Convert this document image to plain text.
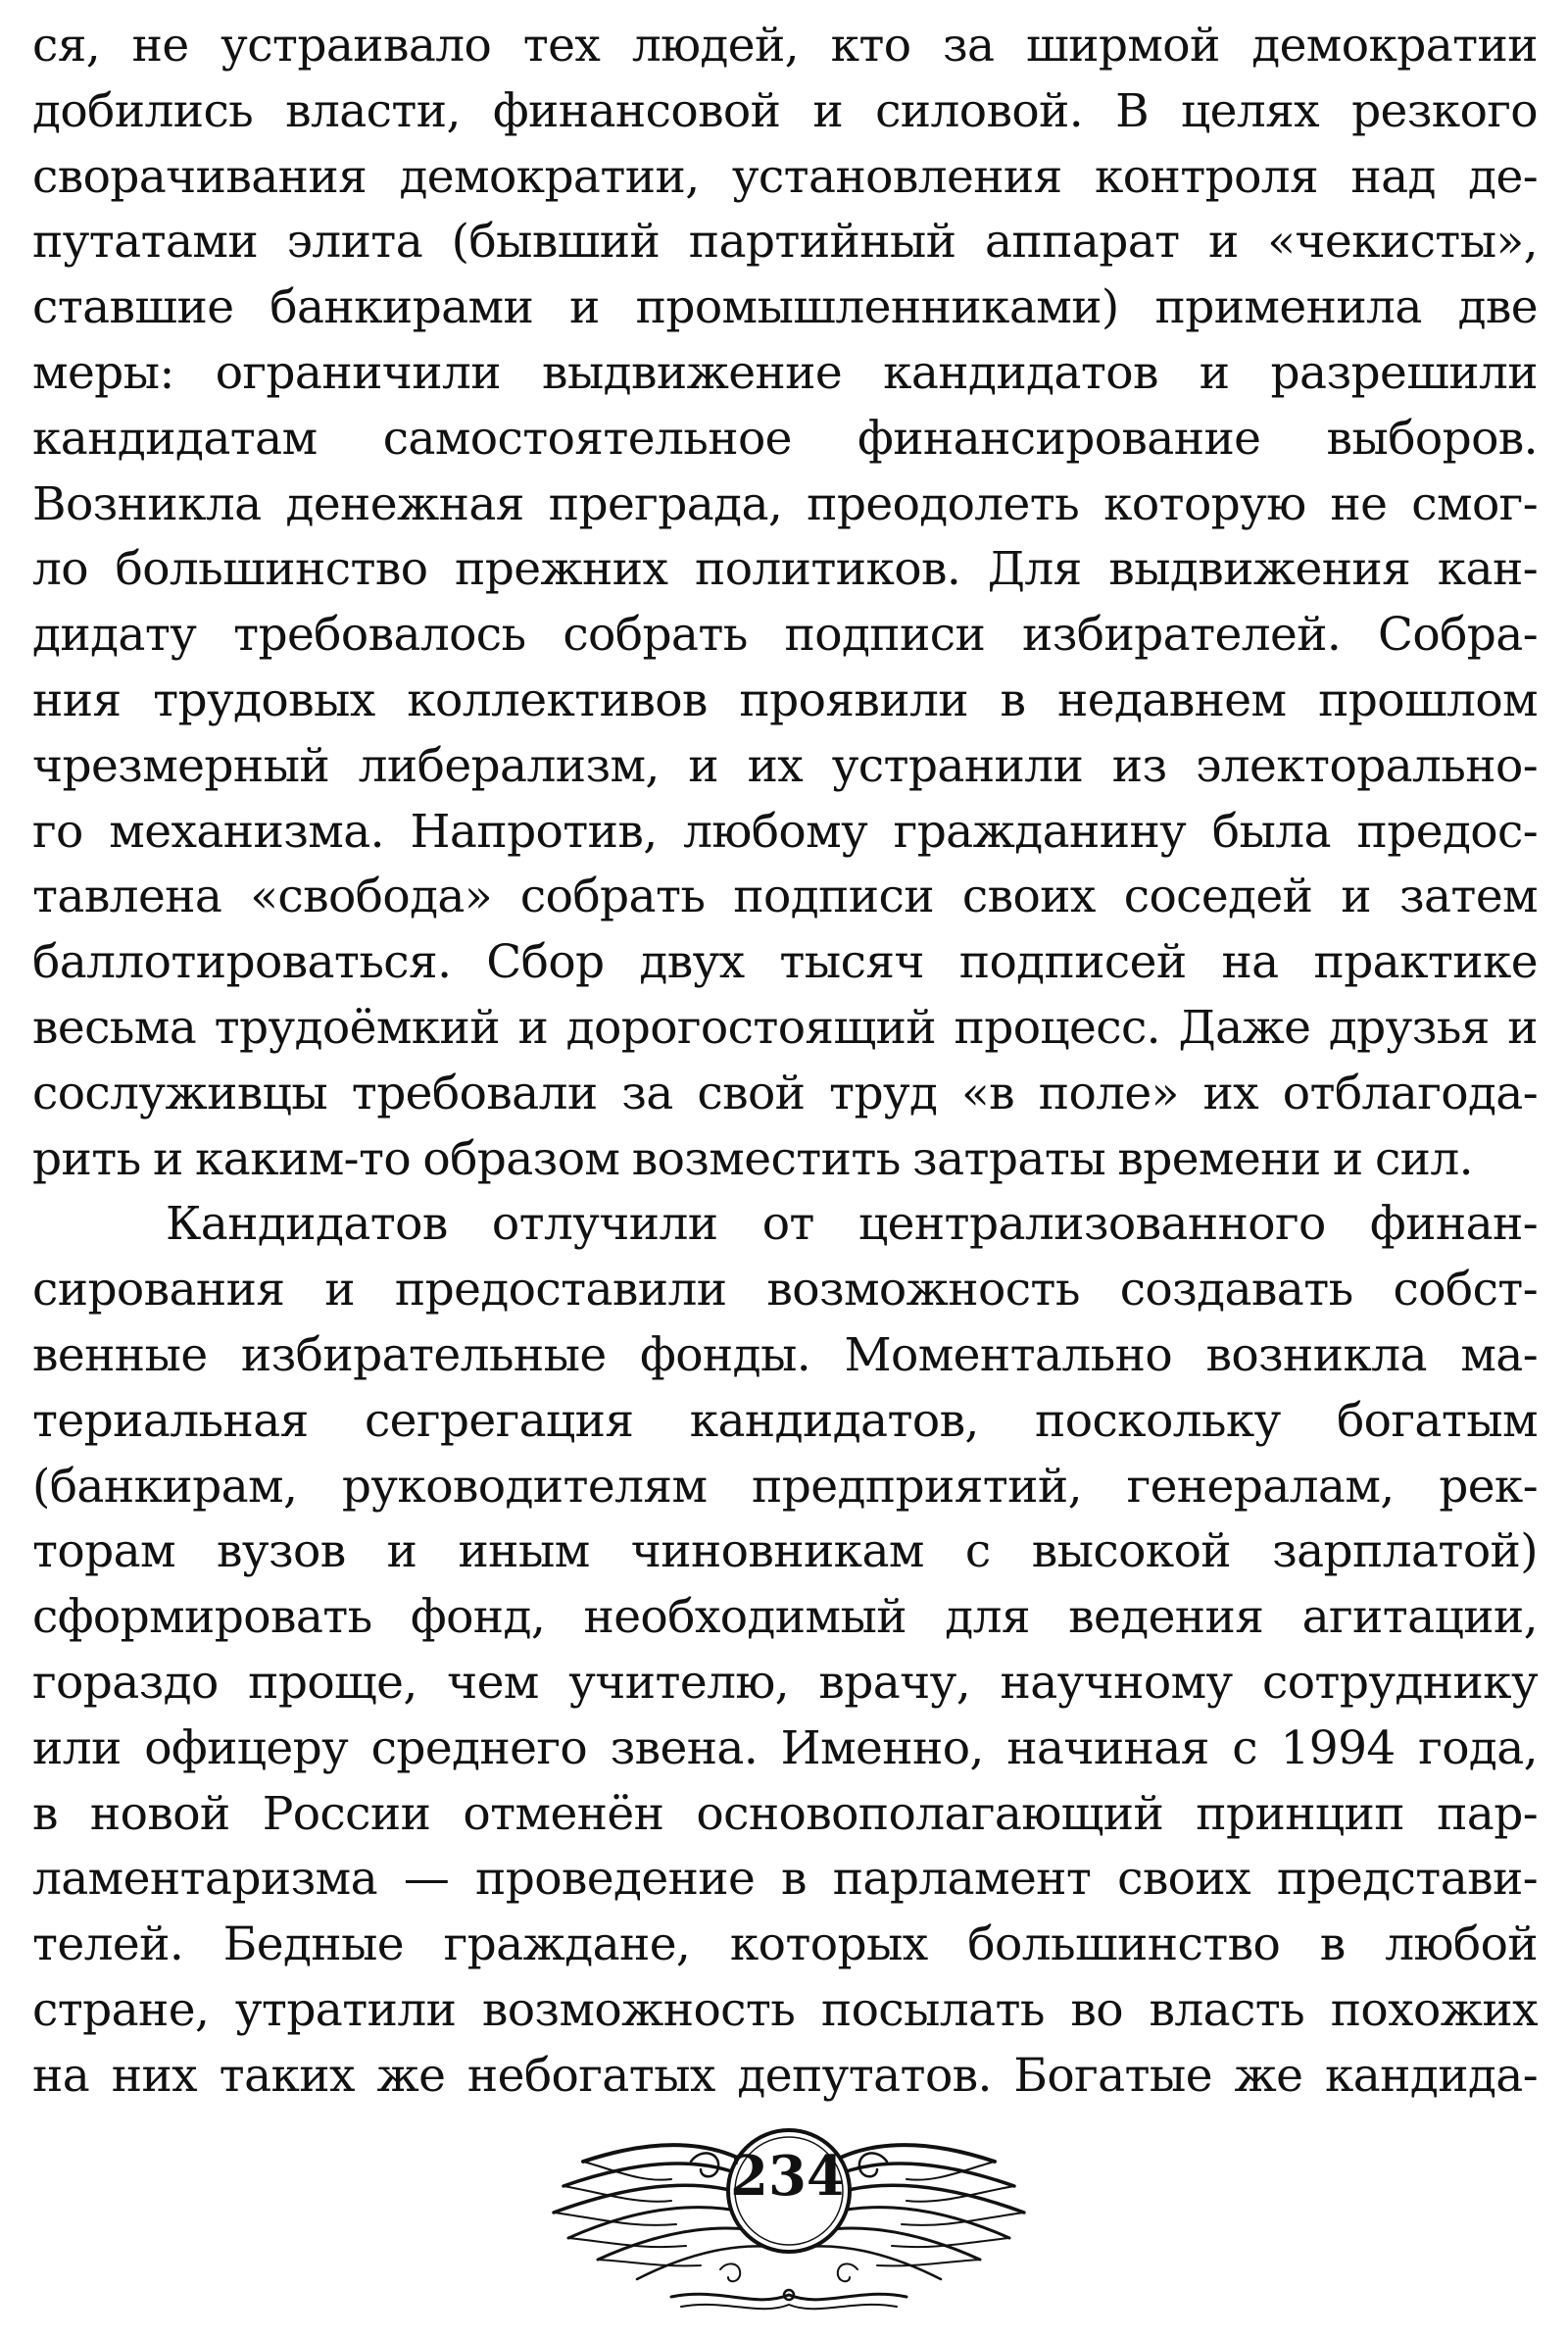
ся, не устраивало тех людей, кто за ширмой демократии
добились власти, финансовой и силовой. В целях резкого
сворачивания демократии, установления контроля над де-
путатами элита (бывший партийный аппарат и «чекисты»,
ставшие банкирами и промышленниками) применила две
меры: ограничили выдвижение кандидатов и разрешили
кандидатам самостоятельное финансирование выборов.
Возникла денежная преграда, преодолеть которую не смог-
ло большинство прежних политиков. Для выдвижения кан-
дидату требовалось собрать подписи избирателей. Собра-
ния трудовых коллективов проявили в недавнем прошлом
чрезмерный либерализм, и их устранили из электорально-
го механизма. Напротив, любому гражданину была предос-
тавлена «свобода» собрать подписи своих соседей и затем
баллотироваться. Сбор двух тысяч подписей на практике
весьма трудоёмкий и дорогостоящий процесс. Даже друзья и
сослуживцы требовали за свой труд «в поле» их отблагода-
рить и каким-то образом возместить затраты времени и сил.
Кандидатов отлучили от централизованного финан-
сирования и предоставили возможность создавать собст-
венные избирательные фонды. Моментально возникла ма-
териальная сегрегация кандидатов, поскольку богатым
(банкирам, руководителям предприятий, генералам, рек-
торам вузов и иным чиновникам с высокой зарплатой)
сформировать фонд, необходимый для ведения агитации,
гораздо проще, чем учителю, врачу, научному сотруднику
или офицеру среднего звена. Именно, начиная с 1994 года,
в новой России отменён основополагающий принцип пар-
ламентаризма — проведение в парламент своих представи-
телей. Бедные граждане, которых большинство в любой
стране, утратили возможность посылать во власть похожих
на них таких же небогатых депутатов. Богатые же кандида-
234
